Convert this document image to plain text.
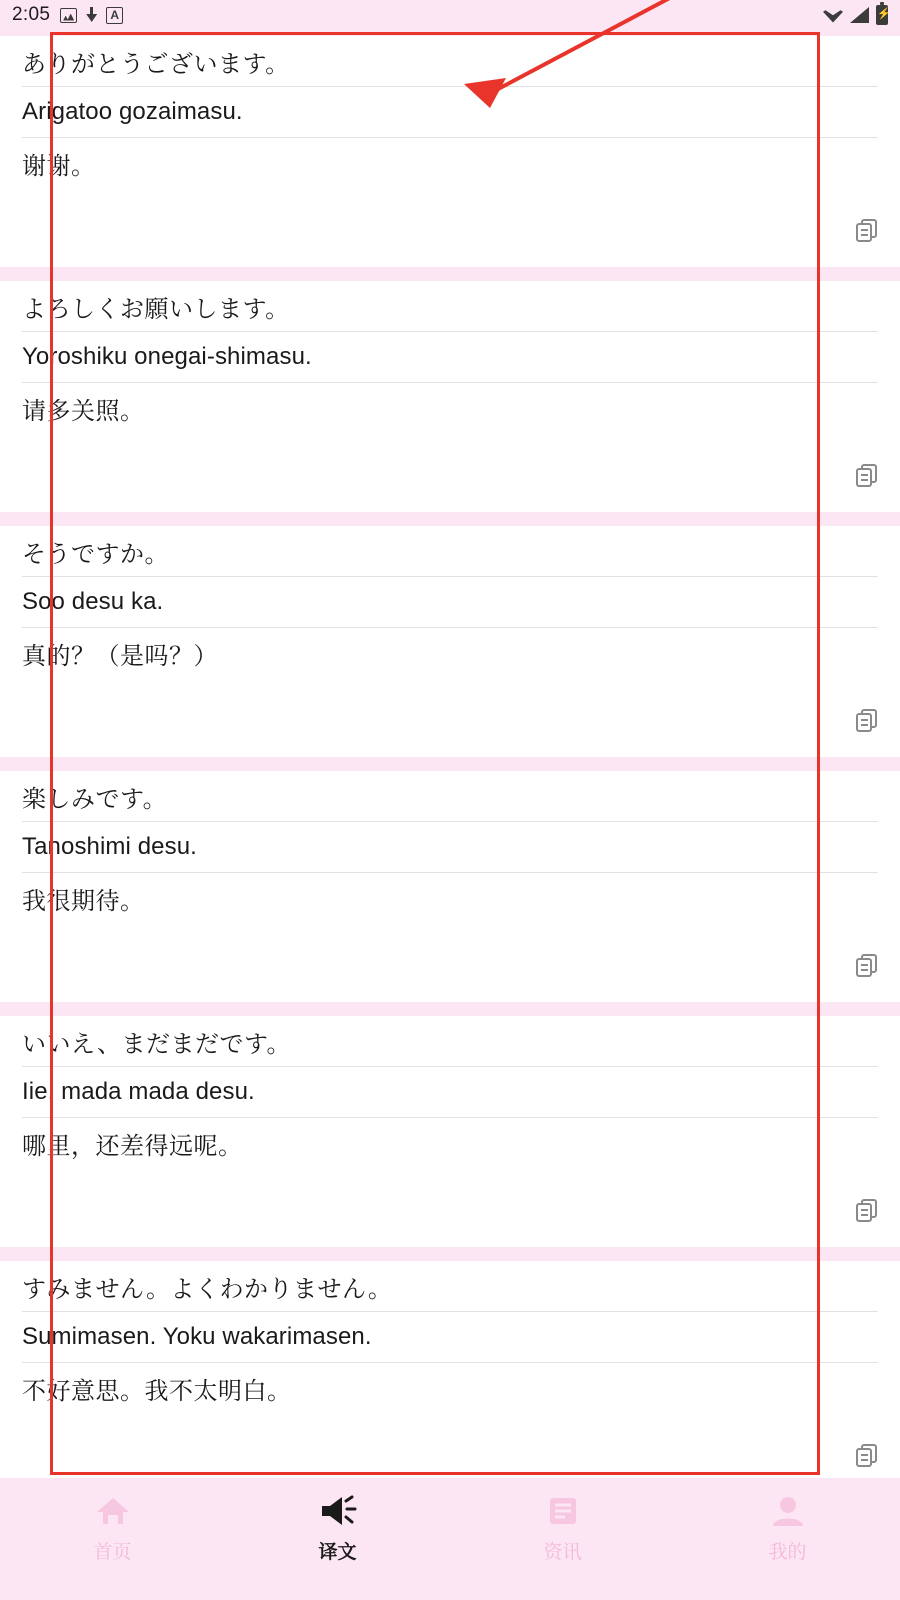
2:05	A
⚡
ありがとうございます。
Arigatoo gozaimasu.
谢谢。
よろしくお願いします。
Yoroshiku onegai-shimasu.
请多关照。
そうですか。
Soo desu ka.
真的？（是吗？）
楽しみです。
Tanoshimi desu.
我很期待。
いいえ、まだまだです。
Iie, mada mada desu.
哪里，还差得远呢。
すみません。よくわかりません。
Sumimasen. Yoku wakarimasen.
不好意思。我不太明白。
首页	译文	资讯	我的
